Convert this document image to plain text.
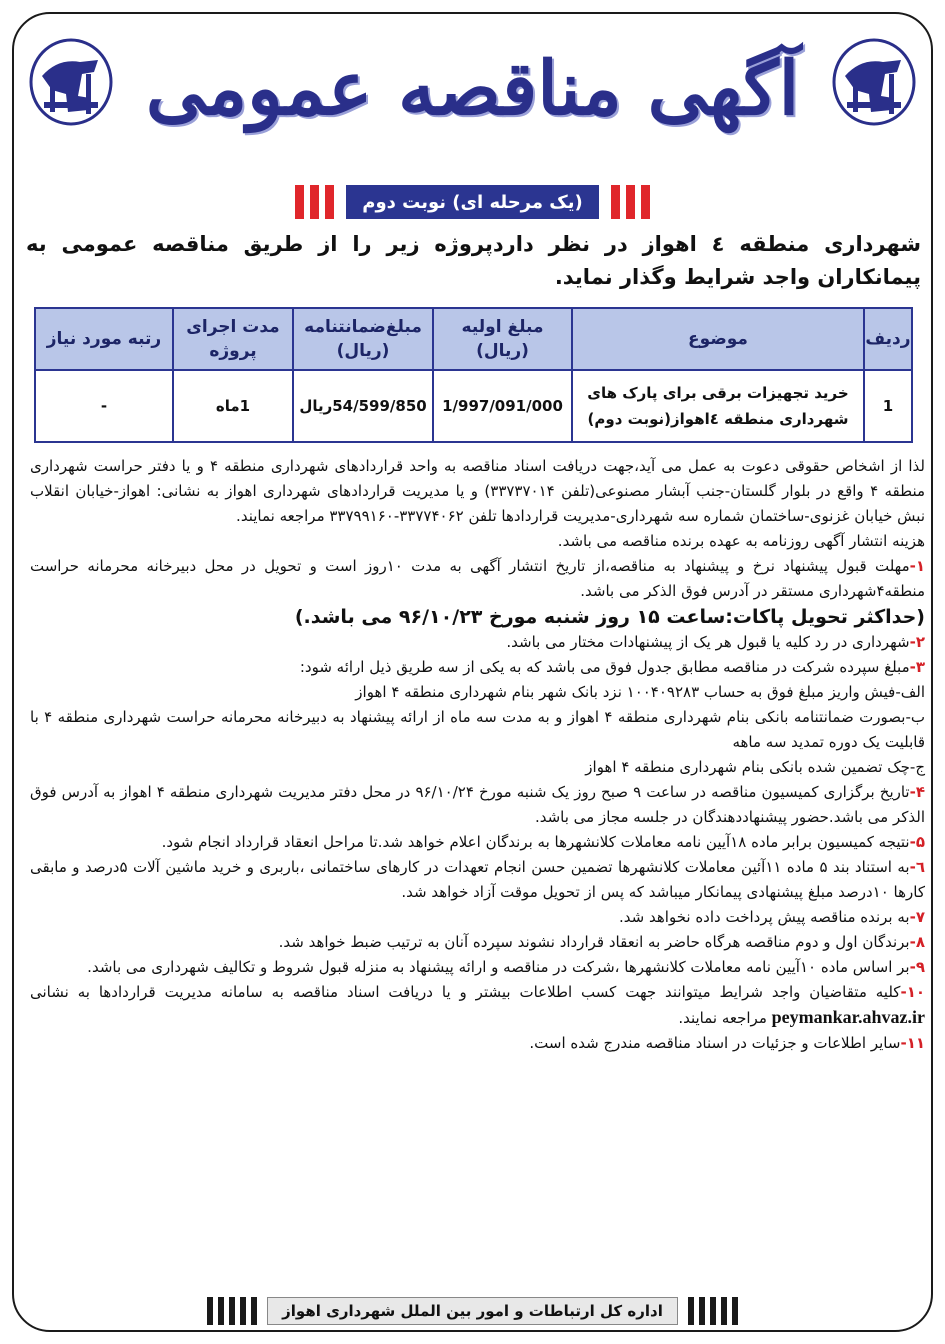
آگهی مناقصه عمومی
(یک مرحله ای) نوبت دوم
شهرداری منطقه ٤ اهواز در نظر داردپروژه زیر را از طریق مناقصه عمومی به پیمانکاران واجد شرایط وگذار نماید.
ردیف	موضوع	مبلغ اولیه (ریال)	مبلغ‌ضمانتنامه (ریال)	مدت اجرای پروژه	رتبه مورد نیاز
1	خرید تجهیزات برقی برای پارک های شهرداری منطقه ٤اهواز(نوبت دوم)	1/997/091/000	54/599/850ریال	1ماه	-

لذا از اشخاص حقوقی دعوت به عمل می آید،جهت دریافت اسناد مناقصه به واحد قراردادهای شهرداری منطقه ۴ و یا دفتر حراست شهرداری منطقه ۴ واقع در بلوار گلستان-جنب آبشار مصنوعی(تلفن ۳۳۷۳۷۰۱۴) و یا مدیریت قراردادهای شهرداری اهواز به نشانی: اهواز-خیابان انقلاب نبش خیابان غزنوی-ساختمان شماره سه شهرداری-مدیریت قراردادها تلفن ۳۳۷۷۴۰۶۲-۳۳۷۹۹۱۶۰ مراجعه نمایند.

هزینه انتشار آگهی روزنامه به عهده برنده مناقصه می باشد.

۱-مهلت قبول پیشنهاد نرخ و پیشنهاد به مناقصه،از تاریخ انتشار آگهی به مدت ۱۰روز است و تحویل در محل دبیرخانه محرمانه حراست منطقه۴شهرداری مستقر در آدرس فوق الذکر می باشد.

(حداکثر تحویل پاکات:ساعت ۱۵ روز شنبه مورخ ۹۶/۱۰/۲۳ می باشد.)

۲-شهرداری در رد کلیه یا قبول هر یک از پیشنهادات مختار می باشد.

۳-مبلغ سپرده شرکت در مناقصه مطابق جدول فوق می باشد که به یکی از سه طریق ذیل ارائه شود:

الف-فیش واریز مبلغ فوق به حساب ۱۰۰۴۰۹۲۸۳ نزد بانک شهر بنام شهرداری منطقه ۴ اهواز

ب-بصورت ضمانتنامه بانکی بنام شهرداری منطقه ۴ اهواز و به مدت سه ماه از ارائه پیشنهاد به دبیرخانه محرمانه حراست شهرداری منطقه ۴ با قابلیت یک دوره تمدید سه ماهه

ج-چک تضمین شده بانکی بنام شهرداری منطقه ۴ اهواز

۴-تاریخ برگزاری کمیسیون مناقصه در ساعت ۹ صبح روز یک شنبه مورخ ۹۶/۱۰/۲۴ در محل دفتر مدیریت شهرداری منطقه ۴ اهواز به آدرس فوق الذکر می باشد.حضور پیشنهاددهندگان در جلسه مجاز می باشد.

۵-نتیجه کمیسیون برابر ماده ۱۸آیین نامه معاملات کلانشهرها به برندگان اعلام خواهد شد.تا مراحل انعقاد قرارداد انجام شود.

٦-به استناد بند ۵ ماده ۱۱آئین معاملات کلانشهرها تضمین حسن انجام تعهدات در کارهای ساختمانی ،باربری و خرید ماشین آلات ۵درصد و مابقی کارها ۱۰درصد مبلغ پیشنهادی پیمانکار میباشد که پس از تحویل موقت آزاد خواهد شد.

۷-به برنده مناقصه پیش پرداخت داده نخواهد شد.

۸-برندگان اول و دوم مناقصه هرگاه حاضر به انعقاد قرارداد نشوند سپرده آنان به ترتیب ضبط خواهد شد.

۹-بر اساس ماده ۱۰آیین نامه معاملات کلانشهرها ،شرکت در مناقصه و ارائه پیشنهاد به منزله قبول شروط و تکالیف شهرداری می باشد.

۱۰-کلیه متقاضیان واجد شرایط میتوانند جهت کسب اطلاعات بیشتر و یا دریافت اسناد مناقصه به سامانه مدیریت قراردادها به نشانی peymankar.ahvaz.ir مراجعه نمایند.

۱۱-سایر اطلاعات و جزئیات در اسناد مناقصه مندرج شده است.

اداره کل ارتباطات و امور بین الملل شهرداری اهواز
